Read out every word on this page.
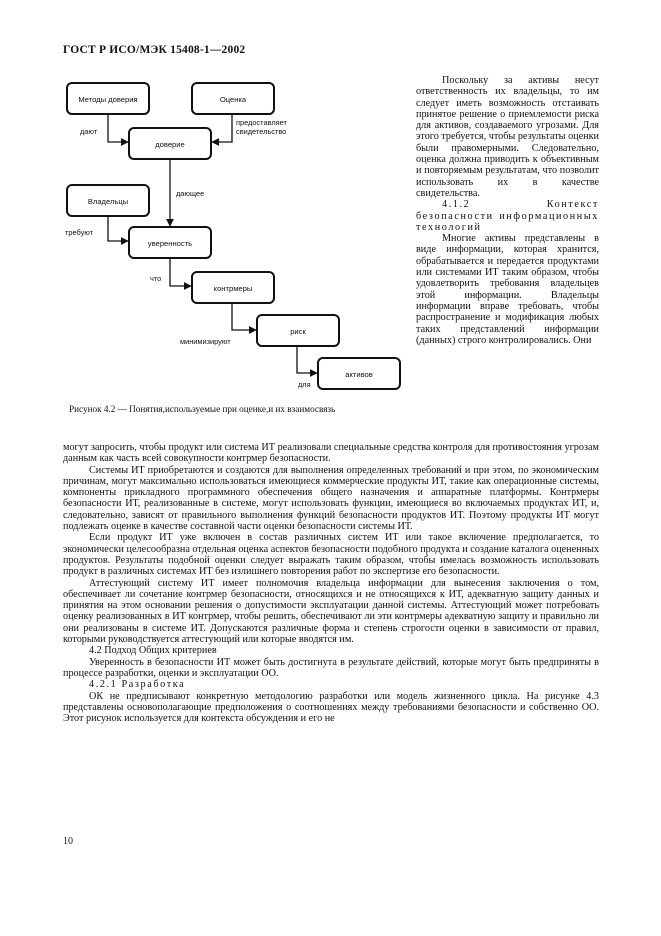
ГОСТ Р ИСО/МЭК 15408-1—2002
Методы доверия	Оценка
доверие
Владельцы
уверенность
контрмеры
риск
активов
дают
предоставляет
свидетельство
дающее
требуют
что
минимизируют
для
Рисунок 4.2 — Понятия,используемые при оценке,и их взаимосвязь

Поскольку за активы несут ответственность их владельцы, то им следует иметь возможность отстаивать принятое решение о приемлемости риска для активов, создаваемого угрозами. Для этого требуется, чтобы результаты оценки были правомерными. Следовательно, оценка должна приводить к объективным и повторяемым результатам, что позволит использовать их в качестве свидетельства.

4.1.2 Контекст безопасности информационных технологий

Многие активы представлены в виде информации, которая хранится, обрабатывается и передается продуктами или системами ИТ таким образом, чтобы удовлетворить требования владельцев этой информации. Владельцы информации вправе требовать, чтобы распространение и модификация любых таких представлений информации (данных) строго контролировались. Они

могут запросить, чтобы продукт или система ИТ реализовали специальные средства контроля для противостояния угрозам данным как часть всей совокупности контрмер безопасности.

Системы ИТ приобретаются и создаются для выполнения определенных требований и при этом, по экономическим причинам, могут максимально использоваться имеющиеся коммерческие продукты ИТ, такие как операционные системы, компоненты прикладного программного обеспечения общего назначения и аппаратные платформы. Контрмеры безопасности ИТ, реализованные в системе, могут использовать функции, имеющиеся во включаемых продуктах ИТ, и, следовательно, зависят от правильного выполнения функций безопасности продуктов ИТ. Поэтому продукты ИТ могут подлежать оценке в качестве составной части оценки безопасности системы ИТ.

Если продукт ИТ уже включен в состав различных систем ИТ или такое включение предполагается, то экономически целесообразна отдельная оценка аспектов безопасности подобного продукта и создание каталога оцененных продуктов. Результаты подобной оценки следует выражать таким образом, чтобы имелась возможность использовать продукт в различных системах ИТ без излишнего повторения работ по экспертизе его безопасности.

Аттестующий систему ИТ имеет полномочия владельца информации для вынесения заключения о том, обеспечивает ли сочетание контрмер безопасности, относящихся и не относящихся к ИТ, адекватную защиту данных и принятия на этом основании решения о допустимости эксплуатации данной системы. Аттестующий может потребовать оценку реализованных в ИТ контрмер, чтобы решить, обеспечивают ли эти контрмеры адекватную защиту и правильно ли они реализованы в системе ИТ. Допускаются различные форма и степень строгости оценки в зависимости от правил, которыми руководствуется аттестующий или которые вводятся им.

4.2 Подход Общих критериев

Уверенность в безопасности ИТ может быть достигнута в результате действий, которые могут быть предприняты в процессе разработки, оценки и эксплуатации ОО.

4.2.1 Разработка

ОК не предписывают конкретную методологию разработки или модель жизненного цикла. На рисунке 4.3 представлены основополагающие предположения о соотношениях между требованиями безопасности и собственно ОО. Этот рисунок используется для контекста обсуждения и его не

10
